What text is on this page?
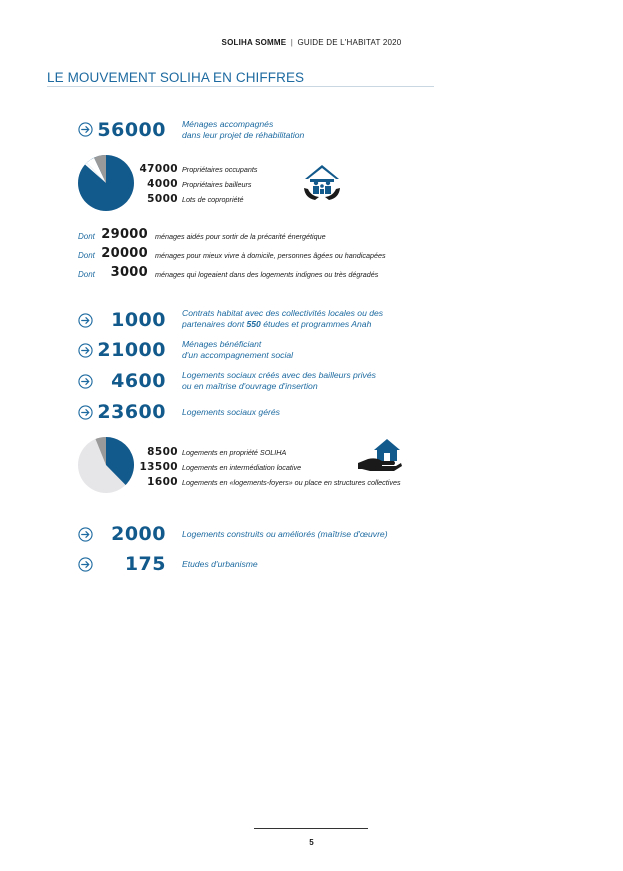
SOLIHA SOMME | GUIDE DE L'HABITAT 2020
LE MOUVEMENT SOLIHA EN CHIFFRES
56000 Ménages accompagnés
dans leur projet de réhabilitation
47000 Propriétaires occupants
4000 Propriétaires bailleurs
5000 Lots de copropriété
Dont 29000 ménages aidés pour sortir de la précarité énergétique
Dont 20000 ménages pour mieux vivre à domicile, personnes âgées ou handicapées
Dont	3000 ménages qui logeaient dans des logements indignes ou très dégradés
1000 Contrats habitat avec des collectivités locales ou des
partenaires dont 550 études et programmes Anah
21000 Ménages bénéficiant
d'un accompagnement social
4600 Logements sociaux créés avec des bailleurs privés
ou en maîtrise d'ouvrage d'insertion
23600 Logements sociaux gérés
8500 Logements en propriété SOLIHA
13500 Logements en intermédiation locative
1600 Logements en «logements-foyers» ou place en structures collectives
2000 Logements construits ou améliorés (maîtrise d'œuvre)
175 Etudes d'urbanisme
5
